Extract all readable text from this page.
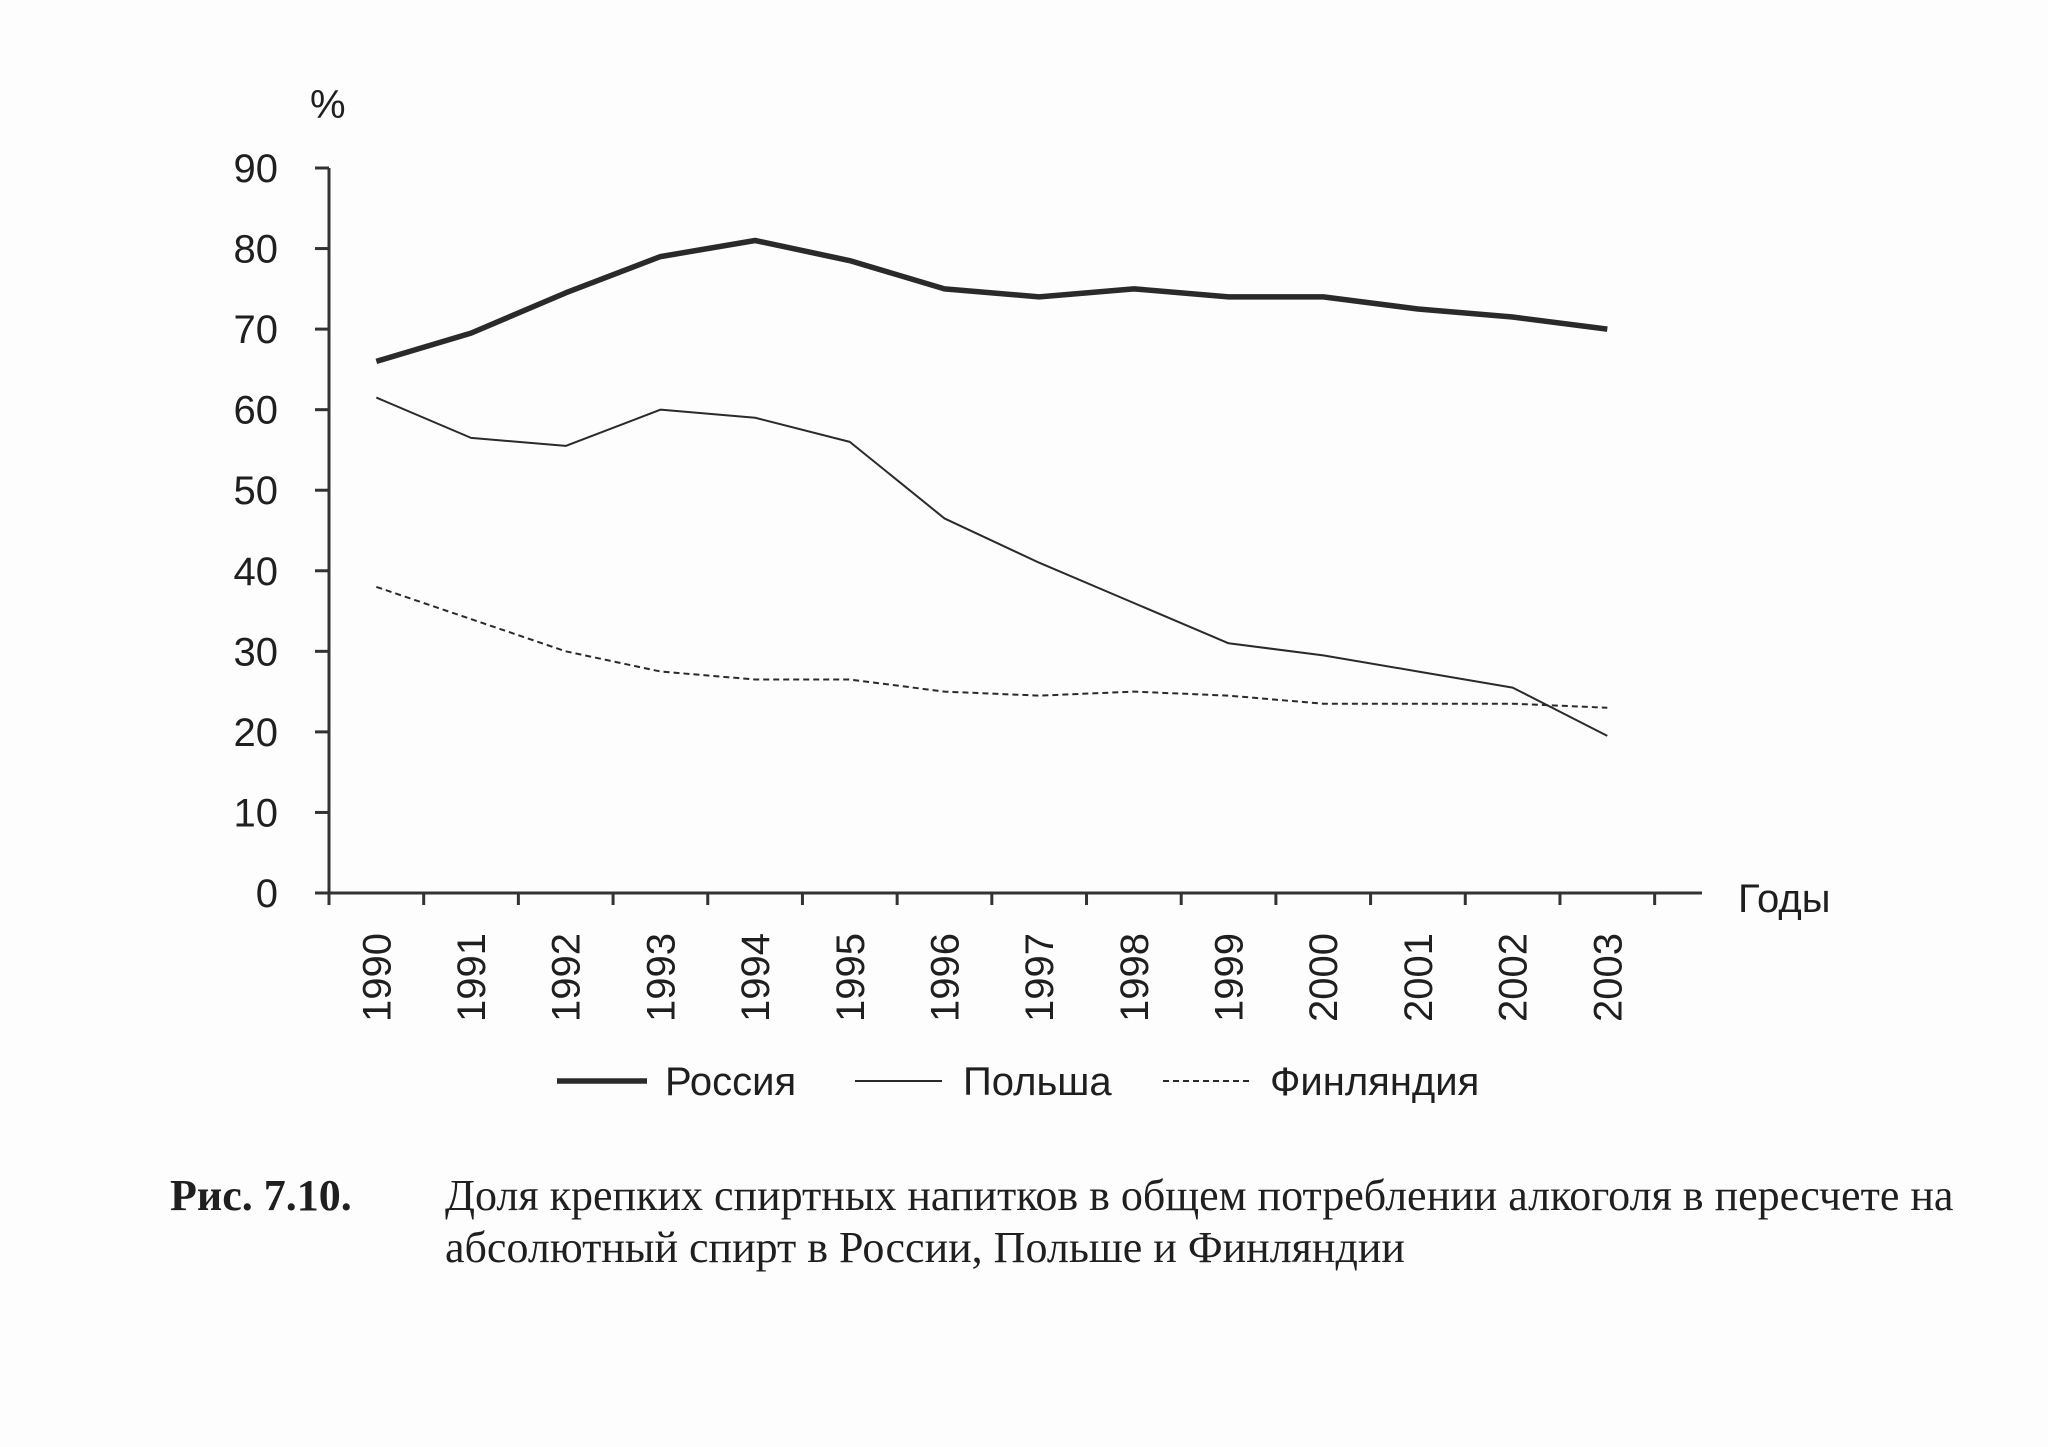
0
10
20
30
40
50
60
70
80
90
1990 1991 1992 1993 1994 1995 1996 1997 1998 1999 2000 2001 2002 2003
Россия	Польша	Финляндия
%
Годы
Рис. 7.10.	Доля крепких спиртных напитков в общем потреблении алкоголя в пересчете на абсолютный спирт в России, Польше и Финляндии
